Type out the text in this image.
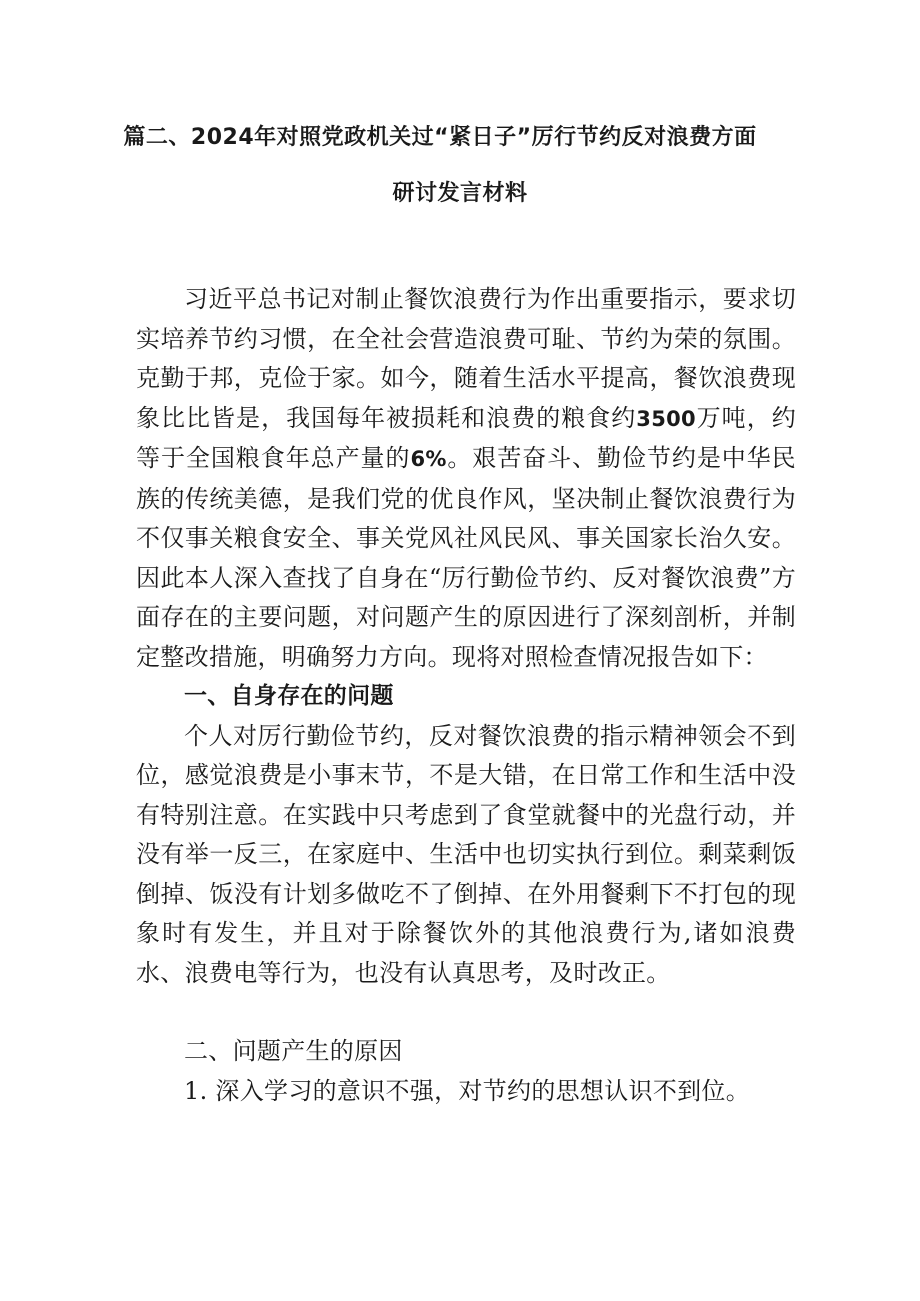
篇二、2024年对照党政机关过“紧日子”厉行节约反对浪费方面
研讨发言材料

习近平总书记对制止餐饮浪费行为作出重要指示，要求切实培养节约习惯，在全社会营造浪费可耻、节约为荣的氛围。克勤于邦，克俭于家。如今，随着生活水平提高，餐饮浪费现象比比皆是，我国每年被损耗和浪费的粮食约3500万吨，约等于全国粮食年总产量的6%。艰苦奋斗、勤俭节约是中华民族的传统美德，是我们党的优良作风，坚决制止餐饮浪费行为不仅事关粮食安全、事关党风社风民风、事关国家长治久安。因此本人深入查找了自身在“厉行勤俭节约、反对餐饮浪费”方面存在的主要问题，对问题产生的原因进行了深刻剖析，并制定整改措施，明确努力方向。现将对照检查情况报告如下：

一、自身存在的问题

个人对厉行勤俭节约，反对餐饮浪费的指示精神领会不到位，感觉浪费是小事末节，不是大错，在日常工作和生活中没有特别注意。在实践中只考虑到了食堂就餐中的光盘行动，并没有举一反三，在家庭中、生活中也切实执行到位。剩菜剩饭倒掉、饭没有计划多做吃不了倒掉、在外用餐剩下不打包的现象时有发生，并且对于除餐饮外的其他浪费行为,诸如浪费水、浪费电等行为，也没有认真思考，及时改正。

二、问题产生的原因

1. 深入学习的意识不强，对节约的思想认识不到位。
